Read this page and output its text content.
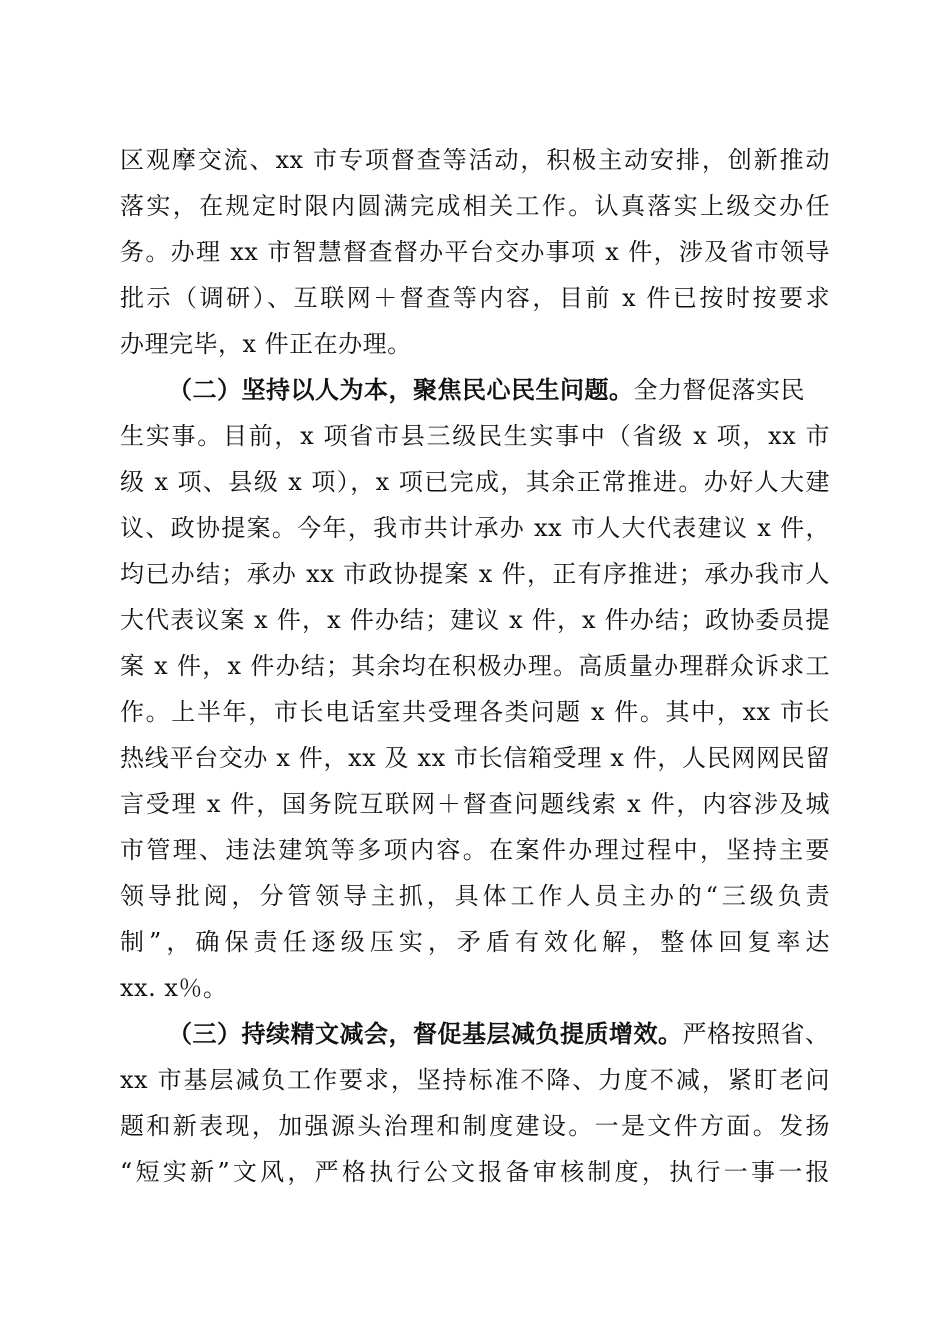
区观摩交流、xx 市专项督查等活动，积极主动安排，创新推动
落实，在规定时限内圆满完成相关工作。认真落实上级交办任
务。办理 xx 市智慧督查督办平台交办事项 x 件，涉及省市领导
批示（调研）、互联网＋督查等内容，目前 x 件已按时按要求
办理完毕，x 件正在办理。
（二）坚持以人为本，聚焦民心民生问题。全力督促落实民
生实事。目前，x 项省市县三级民生实事中（省级 x 项，xx 市
级 x 项、县级 x 项），x 项已完成，其余正常推进。办好人大建
议、政协提案。今年，我市共计承办 xx 市人大代表建议 x 件，
均已办结；承办 xx 市政协提案 x 件，正有序推进；承办我市人
大代表议案 x 件，x 件办结；建议 x 件，x 件办结；政协委员提
案 x 件，x 件办结；其余均在积极办理。高质量办理群众诉求工
作。上半年，市长电话室共受理各类问题 x 件。其中，xx 市长
热线平台交办 x 件，xx 及 xx 市长信箱受理 x 件，人民网网民留
言受理 x 件，国务院互联网＋督查问题线索 x 件，内容涉及城
市管理、违法建筑等多项内容。在案件办理过程中，坚持主要
领导批阅，分管领导主抓，具体工作人员主办的“三级负责
制”，确保责任逐级压实，矛盾有效化解，整体回复率达
xx. x％。
（三）持续精文减会，督促基层减负提质增效。严格按照省、
xx 市基层减负工作要求，坚持标准不降、力度不减，紧盯老问
题和新表现，加强源头治理和制度建设。一是文件方面。发扬
“短实新”文风，严格执行公文报备审核制度，执行一事一报
